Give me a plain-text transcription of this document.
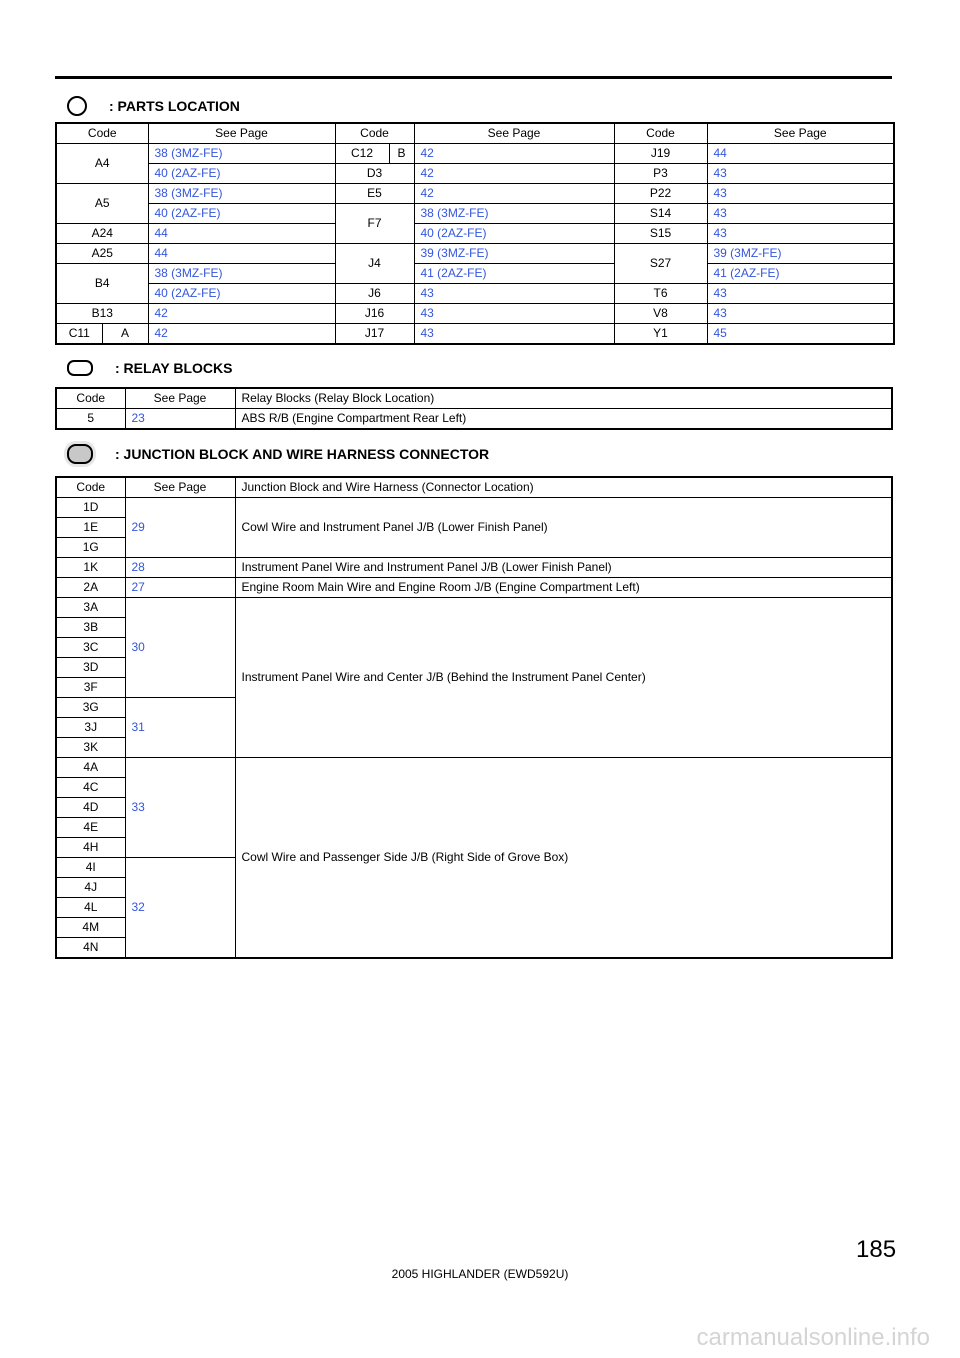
: PARTS LOCATION
Code		See Page	Code		See Page	Code	See Page
A4		38 (3MZ-FE)	C12	B	42	J19	44
		40 (2AZ-FE)	D3		42	P3	43
A5		38 (3MZ-FE)	E5		42	P22	43
		40 (2AZ-FE)	F7		38 (3MZ-FE)	S14	43
A24		44			40 (2AZ-FE)	S15	43
A25		44	J4		39 (3MZ-FE)	S27	39 (3MZ-FE)
B4		38 (3MZ-FE)			41 (2AZ-FE)		41 (2AZ-FE)
		40 (2AZ-FE)	J6		43	T6	43
B13		42	J16		43	V8	43
C11	A	42	J17		43	Y1	45
: RELAY BLOCKS
Code	See Page	Relay Blocks (Relay Block Location)
5	23	ABS R/B (Engine Compartment Rear Left)
: JUNCTION BLOCK AND WIRE HARNESS CONNECTOR
Code	See Page	Junction Block and Wire Harness (Connector Location)
1D	29	Cowl Wire and Instrument Panel J/B (Lower Finish Panel)
1E		
1G		
1K	28	Instrument Panel Wire and Instrument Panel J/B (Lower Finish Panel)
2A	27	Engine Room Main Wire and Engine Room J/B (Engine Compartment Left)
3A	30	Instrument Panel Wire and Center J/B (Behind the Instrument Panel Center)
3B		
3C		
3D		
3F		
3G	31	
3J		
3K		
4A	33	Cowl Wire and Passenger Side J/B (Right Side of Grove Box)
4C		
4D		
4E		
4H		
4I	32	
4J		
4L		
4M		
4N		
185
2005 HIGHLANDER (EWD592U)
carmanualsonline.info
